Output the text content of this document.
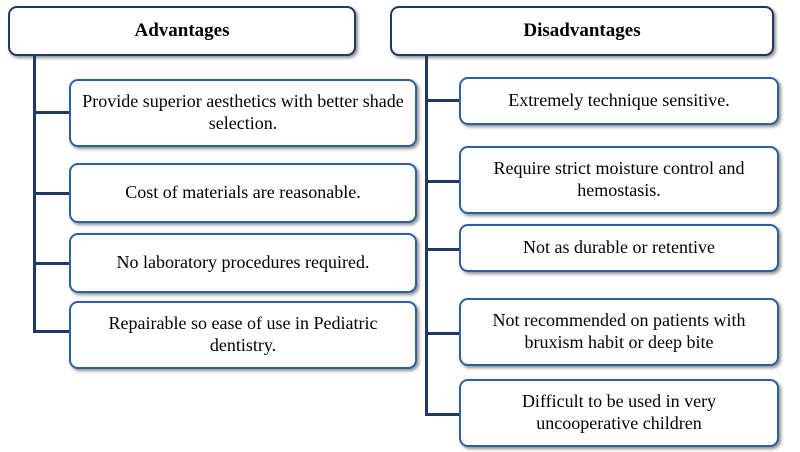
Advantages
Provide superior aesthetics with better shade selection.
Cost of materials are reasonable.
No laboratory procedures required.
Repairable so ease of use in Pediatric dentistry.
Disadvantages
Extremely technique sensitive.
Require strict moisture control and hemostasis.
Not as durable or retentive
Not recommended on patients with bruxism habit or deep bite
Difficult to be used in very uncooperative children
